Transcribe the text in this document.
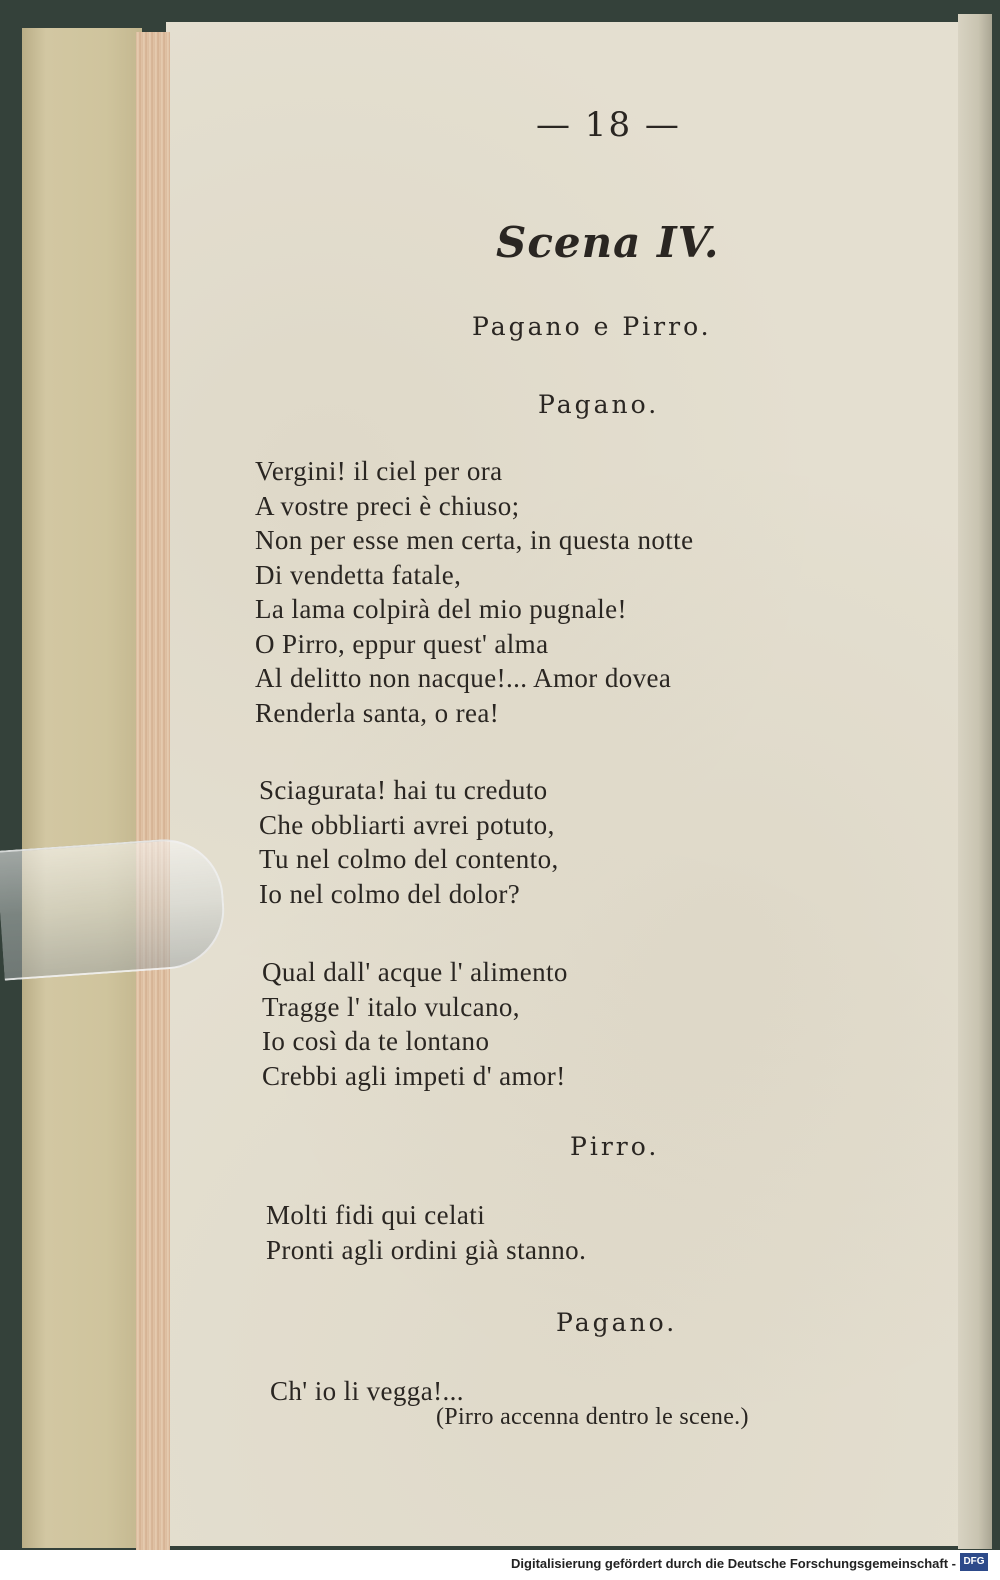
— 18 —
Scena IV.
Pagano e Pirro.
Pagano.
Vergini! il ciel per ora
A vostre preci è chiuso;
Non per esse men certa, in questa notte
Di vendetta fatale,
La lama colpirà del mio pugnale!
O Pirro, eppur quest' alma
Al delitto non nacque!... Amor dovea
Renderla santa, o rea!
Sciagurata! hai tu creduto
Che obbliarti avrei potuto,
Tu nel colmo del contento,
Io nel colmo del dolor?
Qual dall' acque l' alimento
Tragge l' italo vulcano,
Io così da te lontano
Crebbi agli impeti d' amor!
Pirro.
Molti fidi qui celati
Pronti agli ordini già stanno.
Pagano.
Ch' io li vegga!...
(Pirro accenna dentro le scene.)
Digitalisierung gefördert durch die Deutsche Forschungsgemeinschaft - DFG
